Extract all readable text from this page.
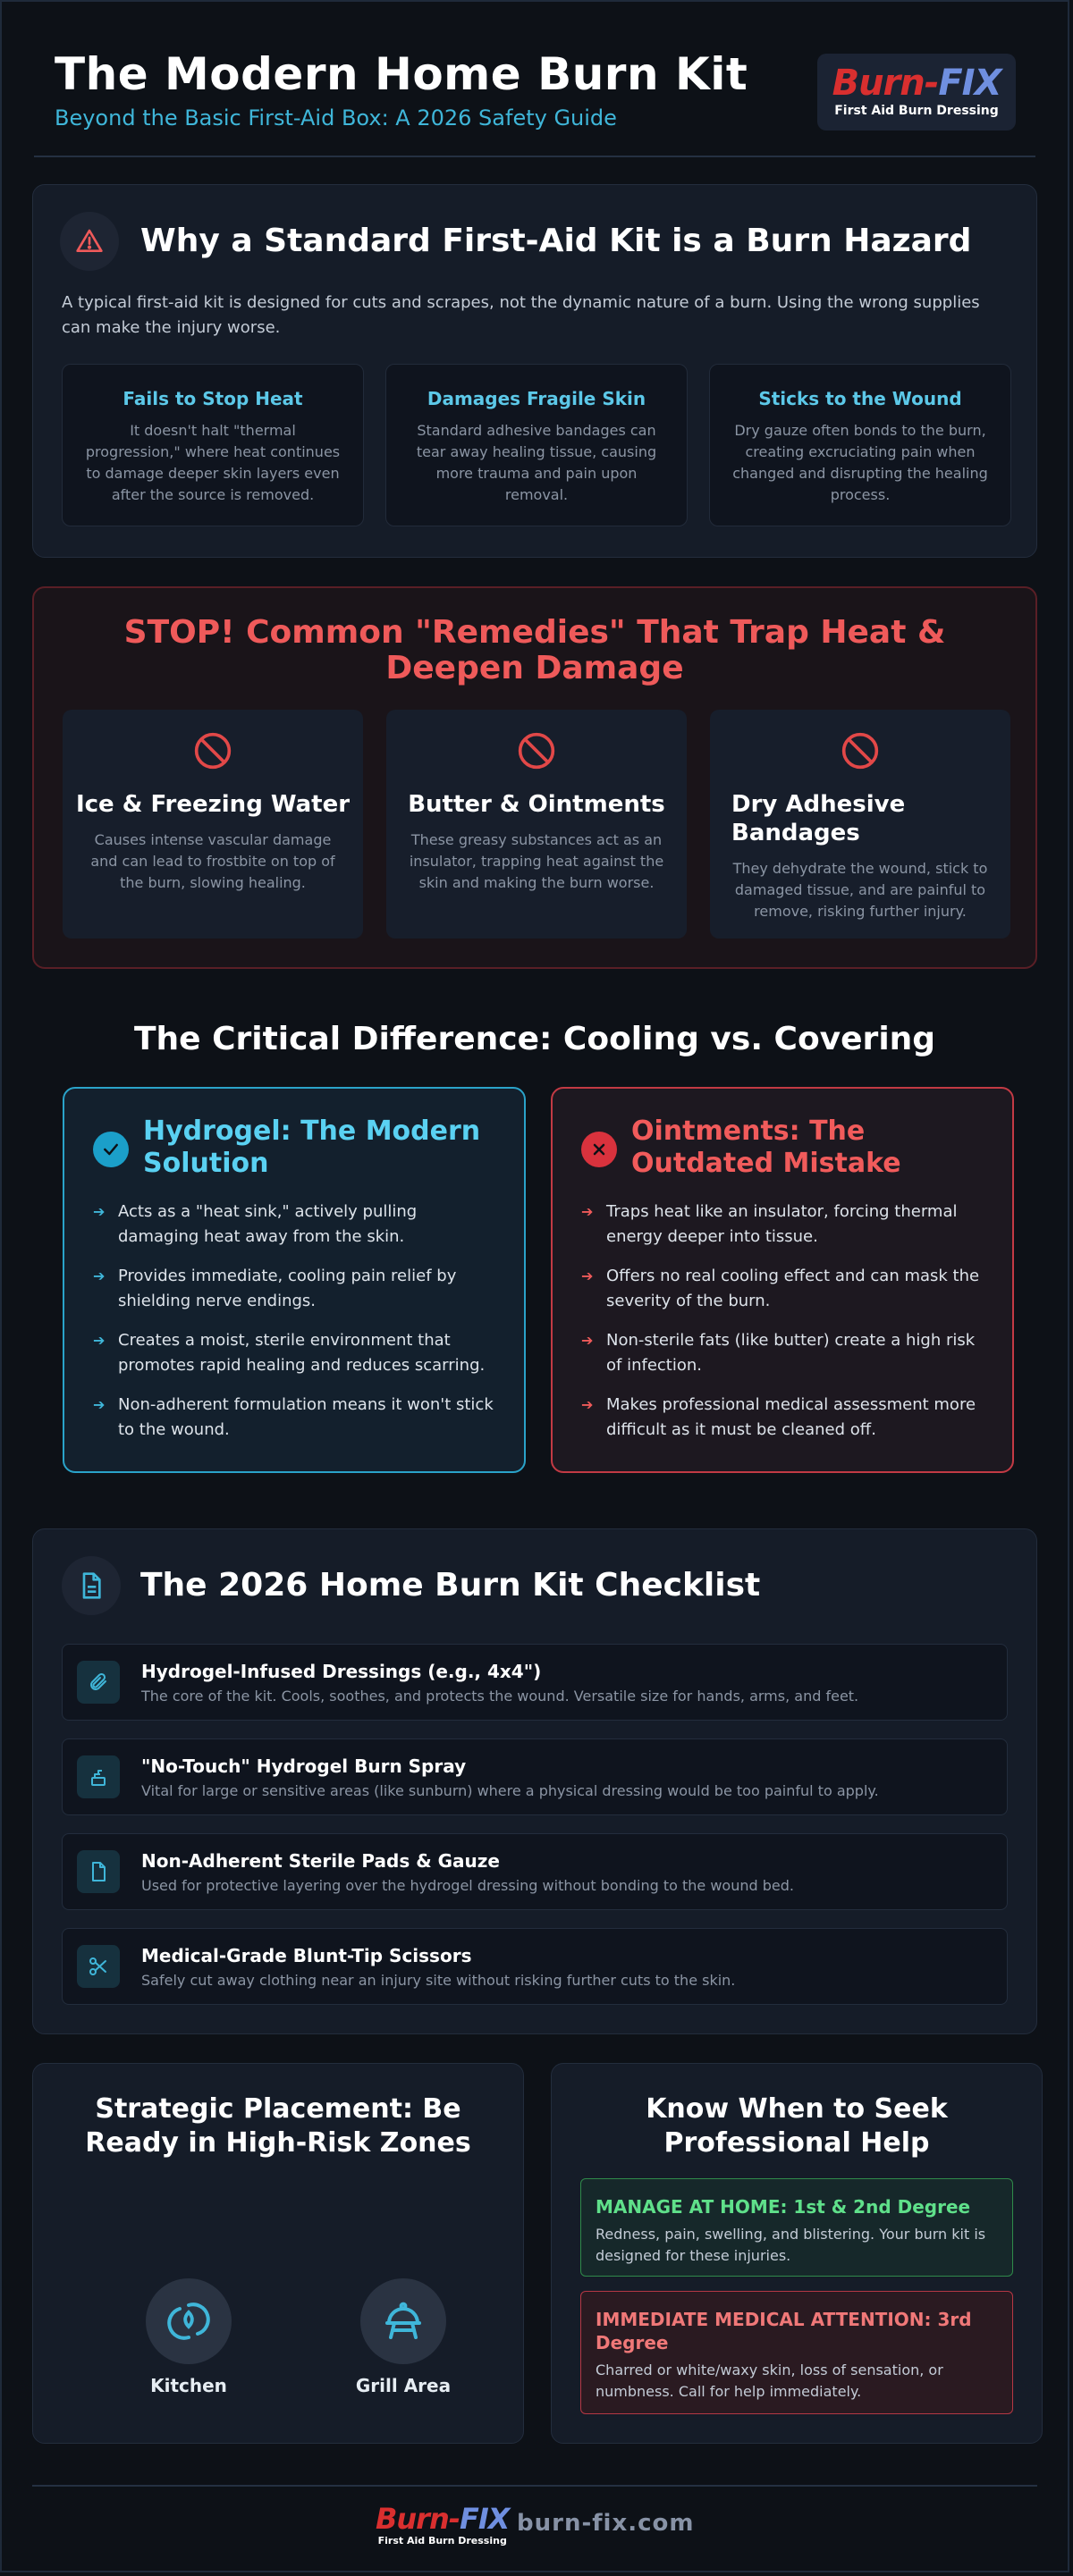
The Modern Home Burn Kit
Beyond the Basic First-Aid Box: A 2026 Safety Guide
Burn-FIX
First Aid Burn Dressing
Why a Standard First-Aid Kit is a Burn Hazard
A typical first-aid kit is designed for cuts and scrapes, not the dynamic nature of a burn. Using the wrong supplies can make the injury worse.
Fails to Stop Heat
It doesn't halt "thermal progression," where heat continues to damage deeper skin layers even after the source is removed.
Damages Fragile Skin
Standard adhesive bandages can tear away healing tissue, causing more trauma and pain upon removal.
Sticks to the Wound
Dry gauze often bonds to the burn, creating excruciating pain when changed and disrupting the healing process.
STOP! Common "Remedies" That Trap Heat & Deepen Damage
Ice & Freezing Water
Causes intense vascular damage and can lead to frostbite on top of the burn, slowing healing.
Butter & Ointments
These greasy substances act as an insulator, trapping heat against the skin and making the burn worse.
Dry Adhesive Bandages
They dehydrate the wound, stick to damaged tissue, and are painful to remove, risking further injury.
The Critical Difference: Cooling vs. Covering
Hydrogel: The Modern Solution
➔ Acts as a "heat sink," actively pulling damaging heat away from the skin.
➔ Provides immediate, cooling pain relief by shielding nerve endings.
➔ Creates a moist, sterile environment that promotes rapid healing and reduces scarring.
➔ Non-adherent formulation means it won't stick to the wound.
Ointments: The Outdated Mistake
➔ Traps heat like an insulator, forcing thermal energy deeper into tissue.
➔ Offers no real cooling effect and can mask the severity of the burn.
➔ Non-sterile fats (like butter) create a high risk of infection.
➔ Makes professional medical assessment more difficult as it must be cleaned off.
The 2026 Home Burn Kit Checklist
Hydrogel-Infused Dressings (e.g., 4x4")
The core of the kit. Cools, soothes, and protects the wound. Versatile size for hands, arms, and feet.
"No-Touch" Hydrogel Burn Spray
Vital for large or sensitive areas (like sunburn) where a physical dressing would be too painful to apply.
Non-Adherent Sterile Pads & Gauze
Used for protective layering over the hydrogel dressing without bonding to the wound bed.
Medical-Grade Blunt-Tip Scissors
Safely cut away clothing near an injury site without risking further cuts to the skin.
Strategic Placement: Be Ready in High-Risk Zones
Kitchen	Grill Area
Know When to Seek Professional Help
MANAGE AT HOME: 1st & 2nd Degree
Redness, pain, swelling, and blistering. Your burn kit is designed for these injuries.
IMMEDIATE MEDICAL ATTENTION: 3rd Degree
Charred or white/waxy skin, loss of sensation, or numbness. Call for help immediately.
Burn-FIX
First Aid Burn Dressing
burn-fix.com
